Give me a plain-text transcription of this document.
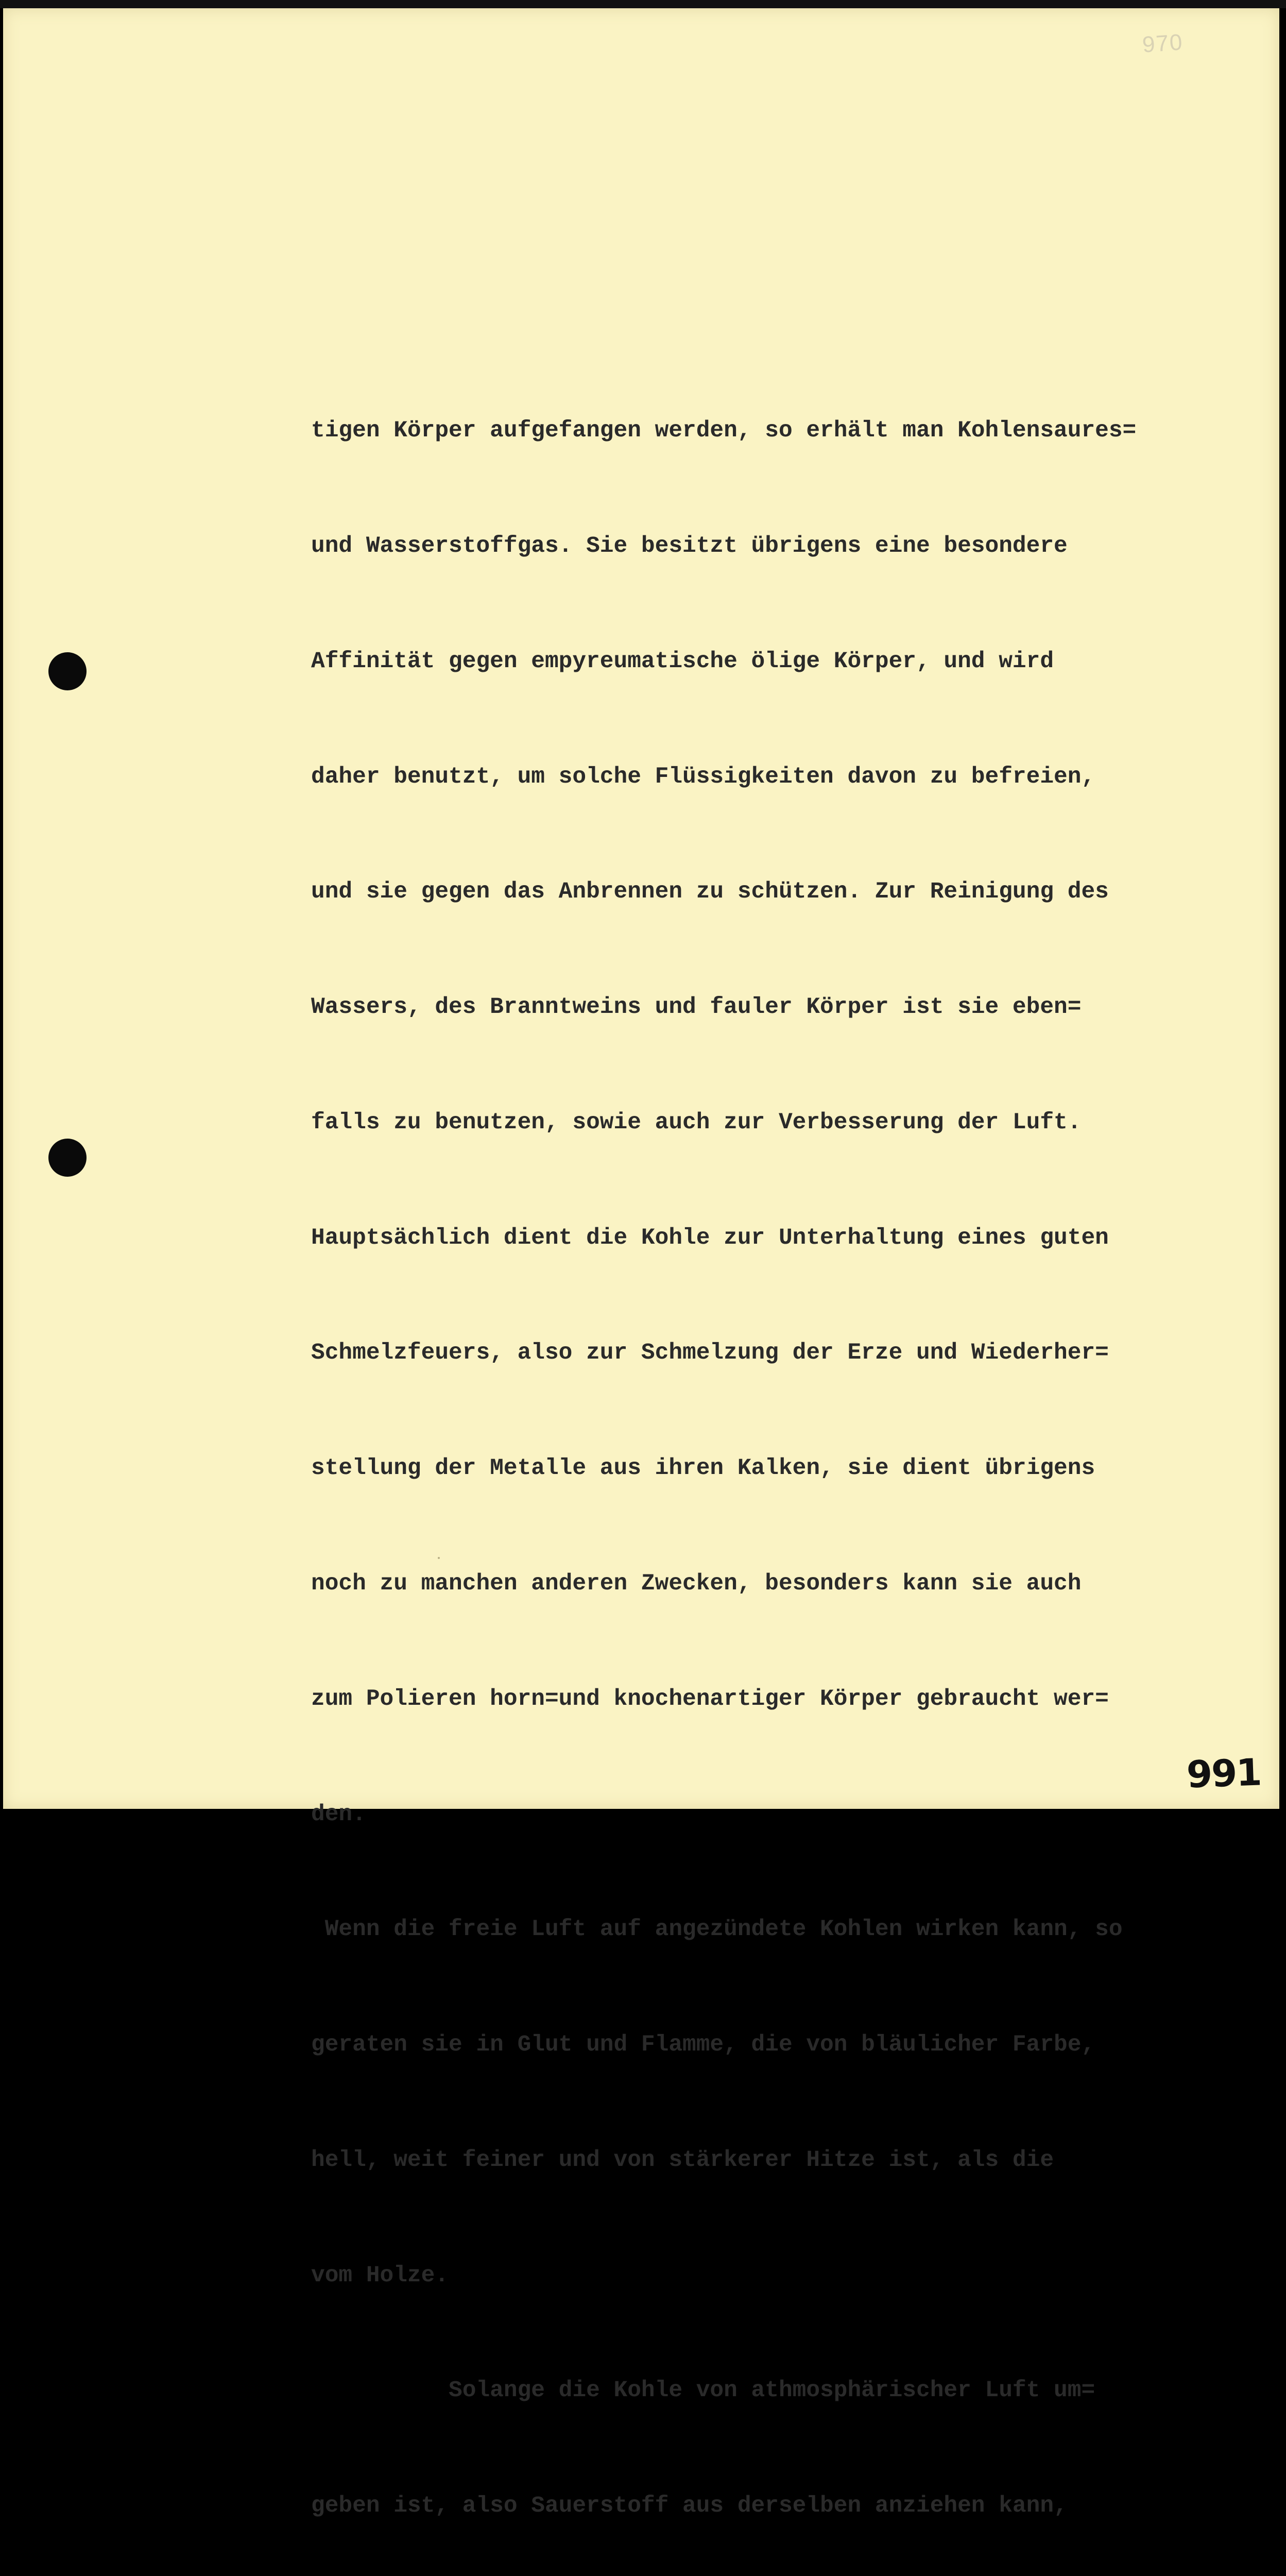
970

tigen Körper aufgefangen werden, so erhält man Kohlensaures=

und Wasserstoffgas. Sie besitzt übrigens eine besondere

Affinität gegen empyreumatische ölige Körper, und wird

daher benutzt, um solche Flüssigkeiten davon zu befreien,

und sie gegen das Anbrennen zu schützen. Zur Reinigung des

Wassers, des Branntweins und fauler Körper ist sie eben=

falls zu benutzen, sowie auch zur Verbesserung der Luft.

Hauptsächlich dient die Kohle zur Unterhaltung eines guten

Schmelzfeuers, also zur Schmelzung der Erze und Wiederher=

stellung der Metalle aus ihren Kalken, sie dient übrigens

noch zu manchen anderen Zwecken, besonders kann sie auch

zum Polieren horn=und knochenartiger Körper gebraucht wer=

den.

Wenn die freie Luft auf angezündete Kohlen wirken kann, so

geraten sie in Glut und Flamme, die von bläulicher Farbe,

hell, weit feiner und von stärkerer Hitze ist, als die

vom Holze.

Solange die Kohle von athmosphärischer Luft um=

geben ist, also Sauerstoff aus derselben anziehen kann,

991
